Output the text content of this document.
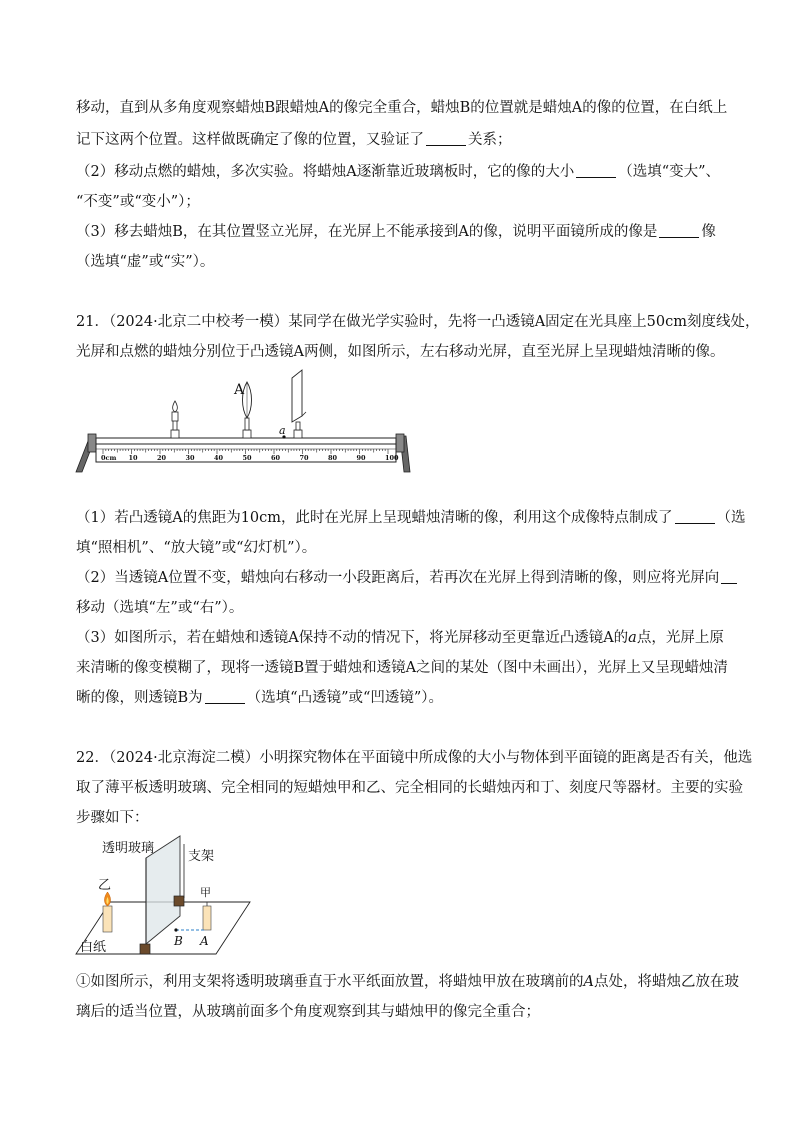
移动，直到从多角度观察蜡烛B跟蜡烛A的像完全重合，蜡烛B的位置就是蜡烛A的像的位置，在白纸上
记下这两个位置。这样做既确定了像的位置，又验证了	关系；
（2）移动点燃的蜡烛，多次实验。将蜡烛A逐渐靠近玻璃板时，它的像的大小	（选填“变大”、
“不变”或“变小”）；
（3）移去蜡烛B，在其位置竖立光屏，在光屏上不能承接到A的像，说明平面镜所成的像是	像
（选填“虚”或“实”）。
21．（2024·北京二中校考一模）某同学在做光学实验时，先将一凸透镜A固定在光具座上50cm刻度线处，
光屏和点燃的蜡烛分别位于凸透镜A两侧，如图所示，左右移动光屏，直至光屏上呈现蜡烛清晰的像。
0cm 10	20	30	40	50	60	70	80	90	100
A
a
（1）若凸透镜A的焦距为10cm，此时在光屏上呈现蜡烛清晰的像，利用这个成像特点制成了	（选
填“照相机”、“放大镜”或“幻灯机”）。
（2）当透镜A位置不变，蜡烛向右移动一小段距离后，若再次在光屏上得到清晰的像，则应将光屏向
移动（选填“左”或“右”）。
（3）如图所示，若在蜡烛和透镜A保持不动的情况下，将光屏移动至更靠近凸透镜A的a点，光屏上原
来清晰的像变模糊了，现将一透镜B置于蜡烛和透镜A之间的某处（图中未画出），光屏上又呈现蜡烛清
晰的像，则透镜B为	（选填“凸透镜”或“凹透镜”）。
22．（2024·北京海淀二模）小明探究物体在平面镜中所成像的大小与物体到平面镜的距离是否有关，他选
取了薄平板透明玻璃、完全相同的短蜡烛甲和乙、完全相同的长蜡烛丙和丁、刻度尺等器材。主要的实验
步骤如下：
透明玻璃
支架
乙	甲
白纸	B A
①如图所示，利用支架将透明玻璃垂直于水平纸面放置，将蜡烛甲放在玻璃前的A点处，将蜡烛乙放在玻
璃后的适当位置，从玻璃前面多个角度观察到其与蜡烛甲的像完全重合；
